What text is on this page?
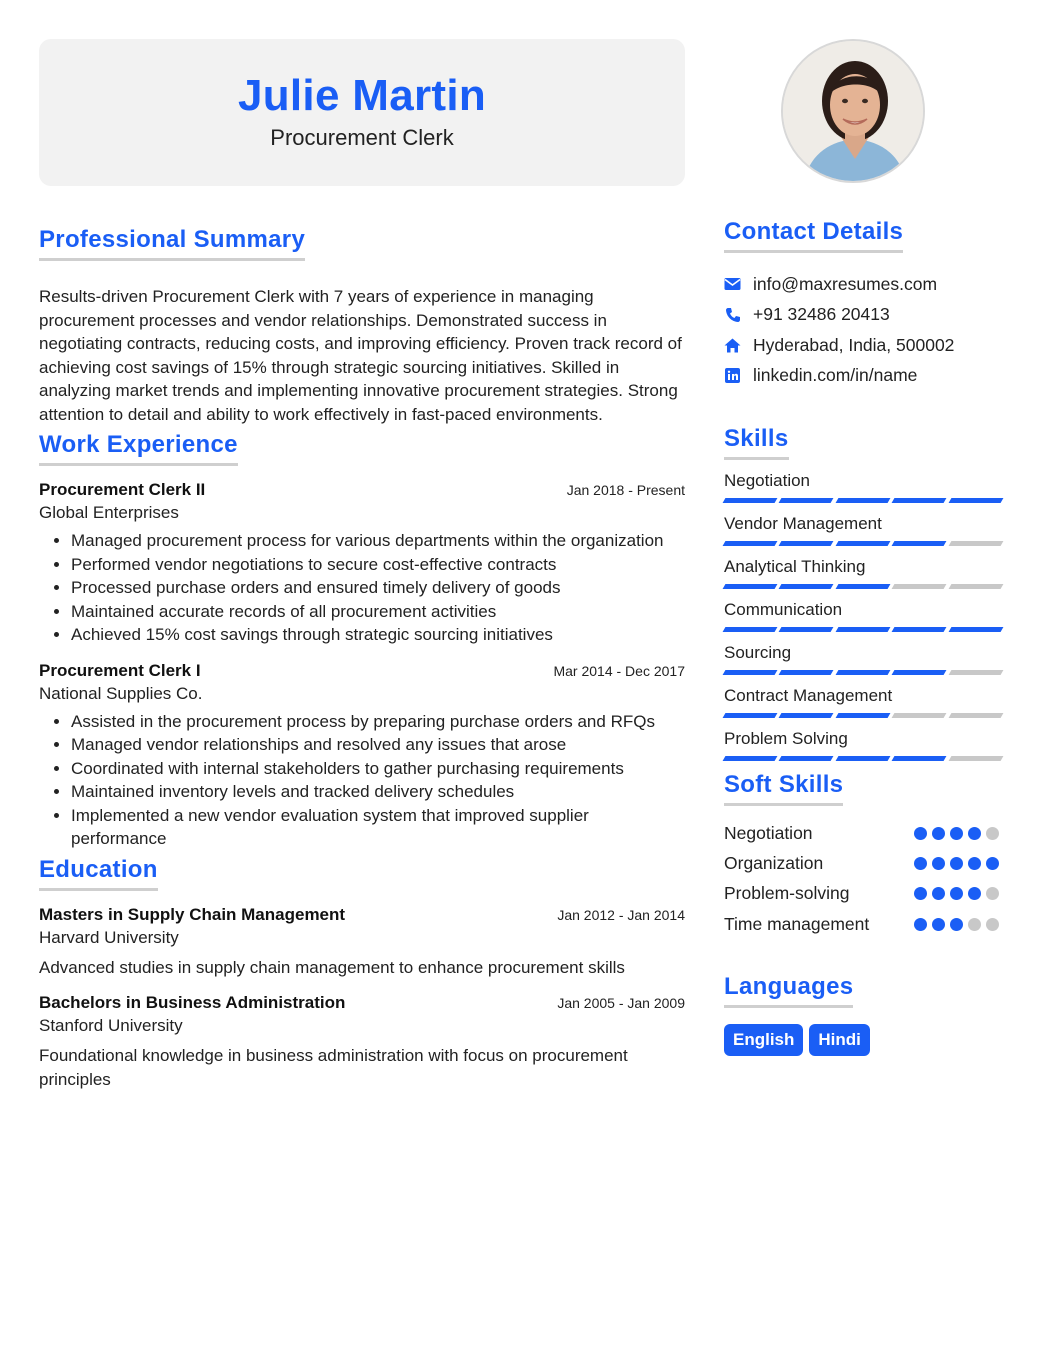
Julie Martin
Procurement Clerk
Professional Summary

Results-driven Procurement Clerk with 7 years of experience in managing procurement processes and vendor relationships. Demonstrated success in negotiating contracts, reducing costs, and improving efficiency. Proven track record of achieving cost savings of 15% through strategic sourcing initiatives. Skilled in analyzing market trends and implementing innovative procurement strategies. Strong attention to detail and ability to work effectively in fast-paced environments.

Work Experience
Procurement Clerk II	Jan 2018 - Present
Global Enterprises
• Managed procurement process for various departments within the organization
• Performed vendor negotiations to secure cost-effective contracts
• Processed purchase orders and ensured timely delivery of goods
• Maintained accurate records of all procurement activities
• Achieved 15% cost savings through strategic sourcing initiatives
Procurement Clerk I	Mar 2014 - Dec 2017
National Supplies Co.
• Assisted in the procurement process by preparing purchase orders and RFQs
• Managed vendor relationships and resolved any issues that arose
• Coordinated with internal stakeholders to gather purchasing requirements
• Maintained inventory levels and tracked delivery schedules
• Implemented a new vendor evaluation system that improved supplier performance
Education
Masters in Supply Chain Management	Jan 2012 - Jan 2014
Harvard University

Advanced studies in supply chain management to enhance procurement skills

Bachelors in Business Administration	Jan 2005 - Jan 2009
Stanford University

Foundational knowledge in business administration with focus on procurement principles

Contact Details
info@maxresumes.com
+91 32486 20413
Hyderabad, India, 500002
linkedin.com/in/name
Skills
Negotiation
Vendor Management
Analytical Thinking
Communication
Sourcing
Contract Management
Problem Solving
Soft Skills
Negotiation
Organization
Problem-solving
Time management
Languages
English	Hindi
